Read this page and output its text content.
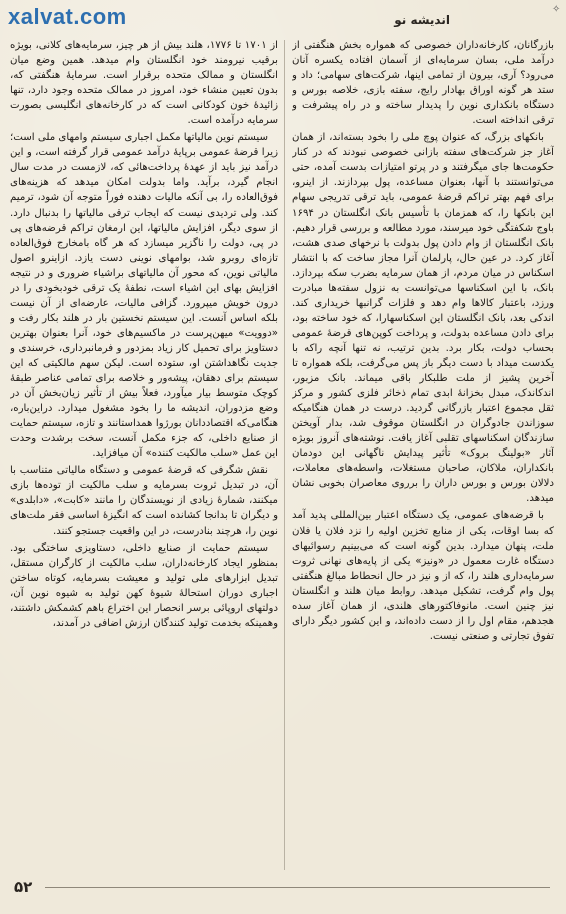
xalvat.com	اندیشه نو
✧

بازرگانان، کارخانه‌داران خصوصی که همواره بخش هنگفتی از درآمد ملی، بسان سرمایه‌ای از آسمان افتاده یکسره آنان می‌رود؟ آری، بیرون از تمامی اینها، شرکت‌های سهامی؛ داد و ستد هر گونه اوراق بهادار رایج، سفته بازی، خلاصه بورس و دستگاه بانکداری نوین را پدیدار ساخته و در راه پیشرفت و ترقی انداخته است.

بانکهای بزرگ، که عنوان پوچ ملی را بخود بسته‌اند، از همان آغاز جز شرکت‌های سفته بازانی خصوصی نبودند که در کنار حکومت‌ها جای میگرفتند و در پرتو امتیازات بدست آمده، حتی می‌توانستند با آنها، بعنوان مساعده، پول بپردازند. از اینرو، برای فهم بهتر تراکم قرضهٔ عمومی، باید ترقی تدریجی سهام این بانکها را، که همزمان با تأسیس بانک انگلستان در ۱۶۹۴ باوج شکفتگی خود میرسند، مورد مطالعه و بررسی قرار دهیم. بانک انگلستان از وام دادن پول بدولت با نرخهای صدی هشت، آغاز کرد. در عین حال، پارلمان آنرا مجاز ساخت که با انتشار اسکناس در میان مردم، از همان سرمایه بضرب سکه بپردازد. بانک، با این اسکناسها می‌توانست به نزول سفته‌ها مبادرت ورزد، باعتبار کالاها وام دهد و فلزات گرانبها خریداری کند. اندکی بعد، بانک انگلستان این اسکناسهارا، که خود ساخته بود، برای دادن مساعده بدولت، و پرداخت کوپن‌های قرضهٔ عمومی بحساب دولت، بکار برد. بدین ترتیب، نه تنها آنچه راکه با یکدست میداد با دست دیگر باز پس می‌گرفت، بلکه همواره تا آخرین پشیز از ملت طلبکار باقی میماند. بانک مزبور، اندکاندک، مبدل بخزانهٔ ابدی تمام ذخائر فلزی کشور و مرکز ثقل مجموع اعتبار بازرگانی گردید. درست در همان هنگامیکه سوزاندن جادوگران در انگلستان موقوف شد، بدار آویختن سازندگان اسکناسهای تقلبی آغاز یافت. نوشته‌های آنروز بویژه آثار «بولینگ بروک» تأثیر پیدایش ناگهانی این دودمان بانکداران، ملاکان، صاحبان مستغلات، واسطه‌های معاملات، دلالان بورس و بورس داران را برروی معاصران بخوبی نشان میدهد.

با قرضه‌های عمومی، یک دستگاه اعتبار بین‌المللی پدید آمد که بسا اوقات، یکی از منابع تخزین اولیه را نزد فلان یا فلان ملت، پنهان میدارد. بدین گونه است که می‌بینیم رسوائیهای دستگاه غارت معمول در «ونیز» یکی از پایه‌های نهانی ثروت سرمایه‌داری هلند را، که از و نیز در حال انحطاط مبالغ هنگفتی پول وام گرفت، تشکیل میدهد. روابط میان هلند و انگلستان نیز چنین است. مانوفاکتورهای هلندی، از همان آغاز سده هجدهم، مقام اول را از دست داده‌اند، و این کشور دیگر دارای تفوق تجارتی و صنعتی نیست.

از ۱۷۰۱ تا ۱۷۷۶، هلند بیش از هر چیز، سرمایه‌های کلانی، بویژه برقیب نیرومند خود انگلستان وام میدهد. همین وضع میان انگلستان و ممالک متحده برقرار است. سرمایهٔ هنگفتی که، بدون تعیین منشاء خود، امروز در ممالک متحده وجود دارد، تنها زائیدهٔ خون کودکانی است که در کارخانه‌های انگلیسی بصورت سرمایه درآمده است.

سیستم نوین مالیاتها مکمل اجباری سیستم وامهای ملی است؛ زیرا قرضهٔ عمومی برپایهٔ درآمد عمومی قرار گرفته است، و این درآمد نیز باید از عهدهٔ پرداخت‌هائی که، لازمست در مدت سال انجام گیرد، برآید. واما بدولت امکان میدهد که هزینه‌های فوق‌العاده را، بی آنکه مالیات دهنده فوراً متوجه آن شود، ترمیم کند. ولی تردیدی نیست که ایجاب ترقی مالیاتها را بدنبال دارد. از سوی دیگر، افزایش مالیاتها، این ارمغان تراکم قرضه‌های پی در پی، دولت را ناگزیر میسازد که هر گاه بامخارج فوق‌العاده تازه‌ای روبرو شد، بوامهای نوینی دست یازد. ازاینرو اصول مالیاتی نوین، که محور آن مالیاتهای براشیاء ضروری و در نتیجه افزایش بهای این اشیاء است، نطفهٔ یک ترقی خودبخودی را در درون خویش میپرورد. گزافی مالیات، عارضه‌ای از آن نیست بلکه اساس آنست. این سیستم نخستین بار در هلند بکار رفت و «دوویت» میهن‌پرست در ماکسیم‌های خود، آنرا بعنوان بهترین دستاویز برای تحمیل کار زیاد بمزدور و فرمانبرداری، خرسندی و جدیت نگاهداشتن او، ستوده است. لیکن سهم مالکیتی که این سیستم برای دهقان، پیشه‌ور و خلاصه برای تمامی عناصر طبقهٔ کوچک متوسط بیار میآورد، فعلاً بیش از تأثیر زیان‌بخش آن در وضع مزدوران، اندیشه ما را بخود مشغول میدارد. دراین‌باره، هنگامی‌که اقتصاددانان بورژوا همداستانند و تازه، سیستم حمایت از صنایع داخلی، که جزء مکمل آنست، سخت برشدت وحدت این عمل «سلب مالکیت کننده» آن میافزاید.

نقش شگرفی که قرضهٔ عمومی و دستگاه مالیاتی متناسب با آن، در تبدیل ثروت بسرمایه و سلب مالکیت از توده‌ها بازی میکنند، شمارهٔ زیادی از نویسندگان را مانند «کابت»، «دابلدی» و دیگران تا بدانجا کشانده است که انگیزهٔ اساسی فقر ملت‌های نوین را، هرچند بنادرست، در این واقعیت جستجو کنند.

سیستم حمایت از صنایع داخلی، دستاویزی ساختگی بود. بمنظور ایجاد کارخانه‌داران، سلب مالکیت از کارگران مستقل، تبدیل ابزارهای ملی تولید و معیشت بسرمایه، کوتاه ساختن اجباری دوران استحالهٔ شیوهٔ کهن تولید به شیوه نوین آن، دولتهای اروپائی برسر انحصار این اختراع باهم کشمکش داشتند، وهمینکه بخدمت تولید کنندگان ارزش اضافی در آمدند،

۵۲
